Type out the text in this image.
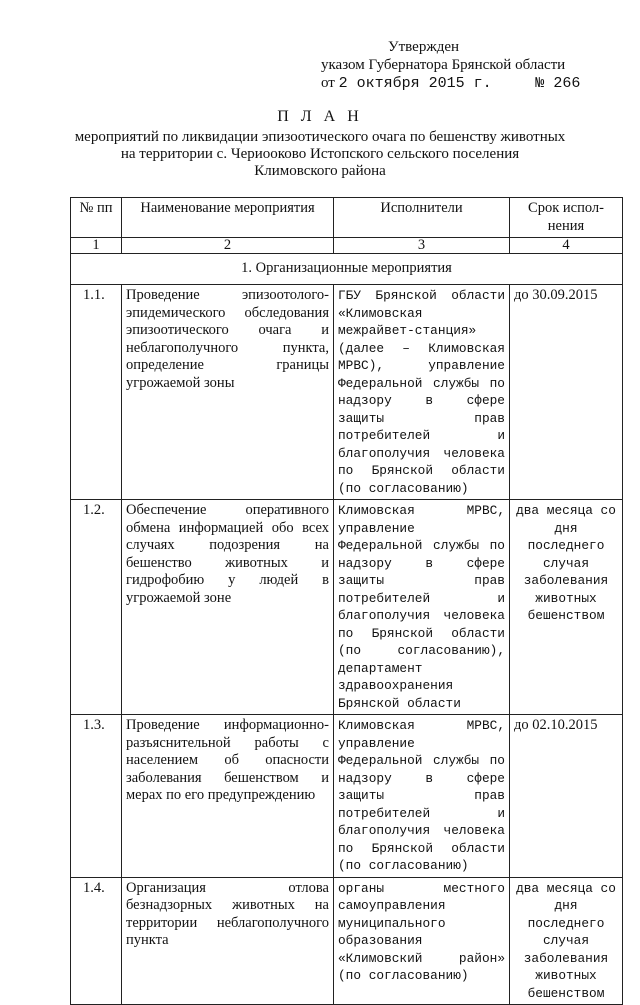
Утвержден
указом Губернатора Брянской области
от 2 октября 2015 г.	№ 266
П Л А Н
мероприятий по ликвидации эпизоотического очага по бешенству животных
на территории с. Чериооково Истопского сельского поселения
Климовского района
№ пп	Наименование мероприятия	Исполнители	Срок испол-нения
1	2	3	4
1. Организационные мероприятия			
1.1.	Проведение эпизоотолого-эпидемического обследования эпизоотического очага и неблагополучного пункта, определение границы угрожаемой зоны	ГБУ Брянской области «Климовская межрайвет-станция» (далее – Климовская МРВС), управление Федеральной службы по надзору в сфере защиты прав потребителей и благополучия человека по Брянской области (по согласованию)	до 30.09.2015
1.2.	Обеспечение оперативного обмена информацией обо всех случаях подозрения на бешенство животных и гидрофобию у людей в угрожаемой зоне	Климовская МРВС, управление Федеральной службы по надзору в сфере защиты прав потребителей и благополучия человека по Брянской области (по согласованию), департамент здравоохранения Брянской области	два месяца со дня последнего случая заболевания животных бешенством
1.3.	Проведение информационно-разъяснительной работы с населением об опасности заболевания бешенством и мерах по его предупреждению	Климовская МРВС, управление Федеральной службы по надзору в сфере защиты прав потребителей и благополучия человека по Брянской области (по согласованию)	до 02.10.2015
1.4.	Организация отлова безнадзорных животных на территории неблагополучного пункта	органы местного самоуправления муниципального образования «Климовский район» (по согласованию)	два месяца со дня последнего случая заболевания животных бешенством
